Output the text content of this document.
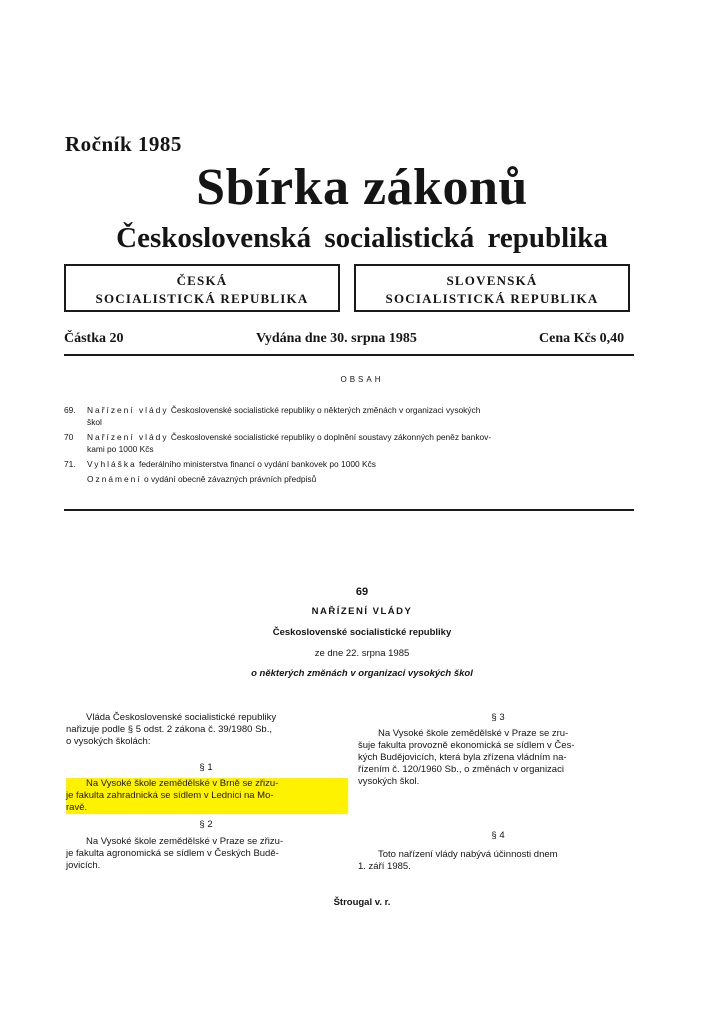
Ročník 1985
Sbírka zákonů
Československá socialistická republika
ČESKÁ
SOCIALISTICKÁ REPUBLIKA
SLOVENSKÁ
SOCIALISTICKÁ REPUBLIKA
Částka 20	Vydána dne 30. srpna 1985	Cena Kčs 0,40
OBSAH
69.	Nařízení vlády Československé socialistické republiky o některých změnách v organizaci vysokých
škol
70	Nařízení vlády Československé socialistické republiky o doplnění soustavy zákonných peněz bankov-
kami po 1000 Kčs
71.	Vyhláška federálního ministerstva financí o vydání bankovek po 1000 Kčs
Oznámení o vydání obecně závazných právních předpisů
69
NAŘÍZENÍ VLÁDY
Československé socialistické republiky
ze dne 22. srpna 1985
o některých změnách v organizaci vysokých škol
Vláda Československé socialistické republiky
nařizuje podle § 5 odst. 2 zákona č. 39/1980 Sb.,
o vysokých školách:
§ 1
Na Vysoké škole zemědělské v Brně se zřizu-
je fakulta zahradnická se sídlem v Lednici na Mo-
ravě.
§ 2
Na Vysoké škole zemědělské v Praze se zřizu-
je fakulta agronomická se sídlem v Českých Budě-
jovicích.
§ 3
Na Vysoké škole zemědělské v Praze se zru-
šuje fakulta provozně ekonomická se sídlem v Čes-
kých Budějovicích, která byla zřízena vládním na-
řízením č. 120/1960 Sb., o změnách v organizaci
vysokých škol.
§ 4
Toto nařízení vlády nabývá účinnosti dnem
1. září 1985.
Štrougal v. r.
